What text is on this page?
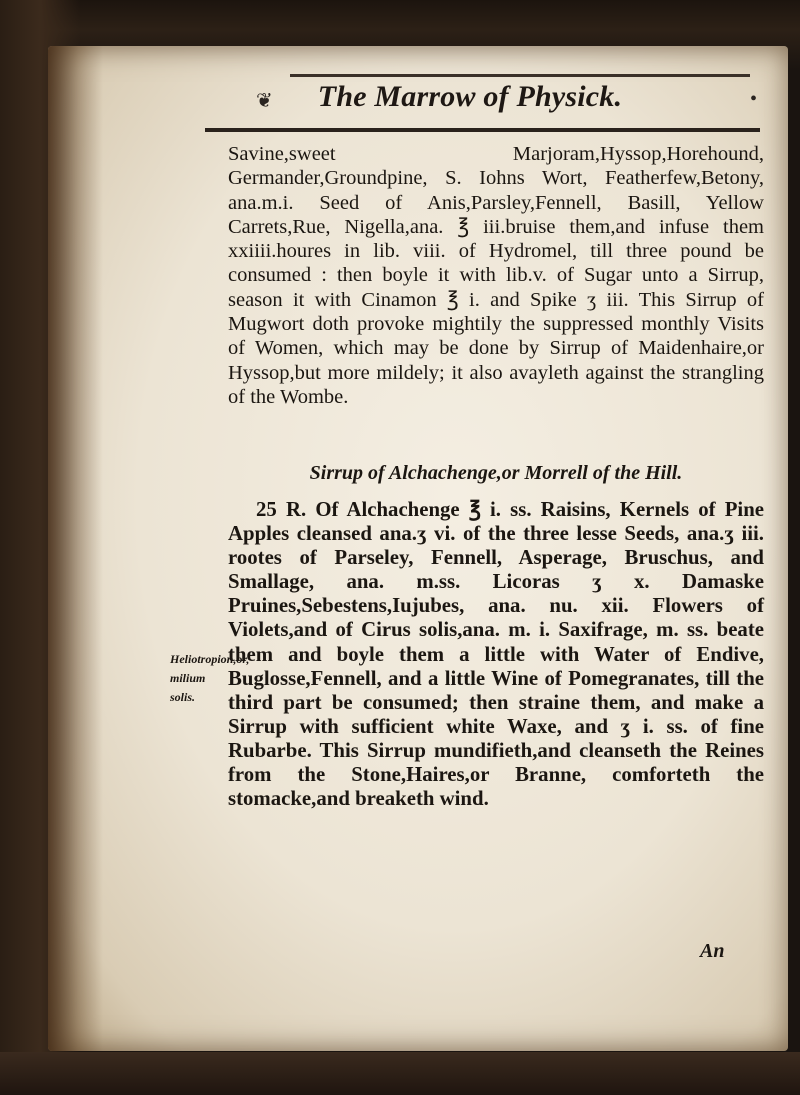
❦	The Marrow of Physick.	•
Savine,sweet Marjoram,Hyssop,Horehound, Germander,Groundpine, S. Iohns Wort, Featherfew,Betony, ana.m.i. Seed of Anis,Parsley,Fennell, Basill, Yellow Carrets,Rue, Nigella,ana. ℥ iii.bruise them,and infuse them xxiiii.houres in lib. viii. of Hydromel, till three pound be consumed : then boyle it with lib.v. of Sugar unto a Sirrup, season it with Cinamon ℥ i. and Spike ʒ iii. This Sirrup of Mugwort doth provoke mightily the suppressed monthly Visits of Women, which may be done by Sirrup of Maidenhaire,or Hyssop,but more mildely; it also avayleth against the strangling of the Wombe.
Sirrup of Alchachenge,or Morrell of the Hill.
25 R. Of Alchachenge ℥ i. ss. Raisins, Kernels of Pine Apples cleansed ana.ʒ vi. of the three lesse Seeds, ana.ʒ iii. rootes of Parseley, Fennell, Asperage, Bruschus, and Smallage, ana. m.ss. Licoras ʒ x. Damaske Pruines,Sebestens,Iujubes, ana. nu. xii. Flowers of Violets,and of Cirus solis,ana. m. i. Saxifrage, m. ss. beate them and boyle them a little with Water of Endive, Buglosse,Fennell, and a little Wine of Pomegranates, till the third part be consumed; then straine them, and make a Sirrup with sufficient white Waxe, and ʒ i. ss. of fine Rubarbe. This Sirrup mundifieth,and cleanseth the Reines from the Stone,Haires,or Branne, comforteth the stomacke,and breaketh wind.
Heliotropion,or, milium solis.
An
